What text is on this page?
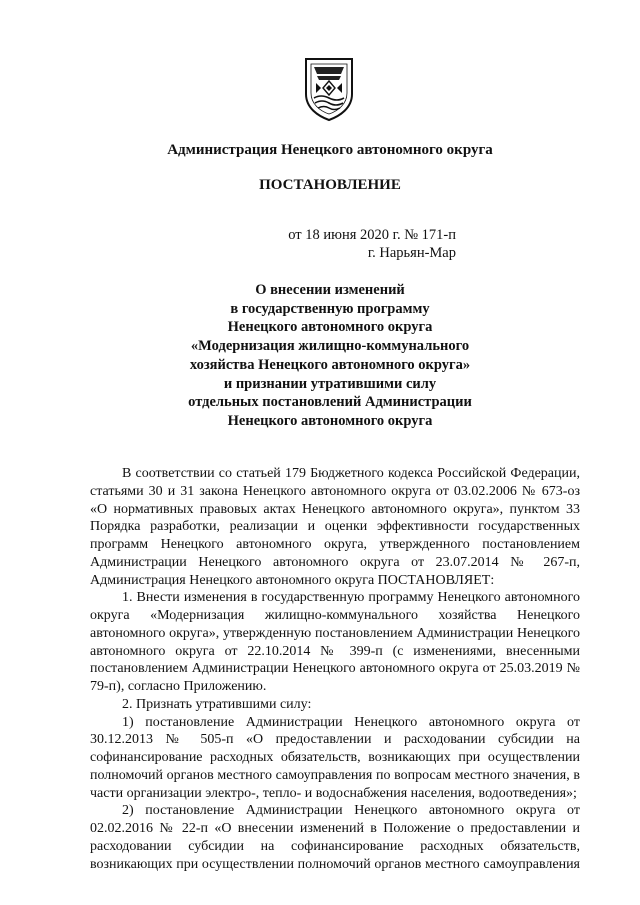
Администрация Ненецкого автономного округа
ПОСТАНОВЛЕНИЕ
от 18 июня 2020 г. № 171-п
г. Нарьян-Мар
О внесении изменений
в государственную программу
Ненецкого автономного округа
«Модернизация жилищно-коммунального
хозяйства Ненецкого автономного округа»
и признании утратившими силу
отдельных постановлений Администрации
Ненецкого автономного округа
В соответствии со статьей 179 Бюджетного кодекса Российской Федерации, статьями 30 и 31 закона Ненецкого автономного округа от 03.02.2006 № 673-оз «О нормативных правовых актах Ненецкого автономного округа», пунктом 33 Порядка разработки, реализации и оценки эффективности государственных программ Ненецкого автономного округа, утвержденного постановлением Администрации Ненецкого автономного округа от 23.07.2014 № 267-п, Администрация Ненецкого автономного округа ПОСТАНОВЛЯЕТ:
1. Внести изменения в государственную программу Ненецкого автономного округа «Модернизация жилищно-коммунального хозяйства Ненецкого автономного округа», утвержденную постановлением Администрации Ненецкого автономного округа от 22.10.2014 № 399-п (с изменениями, внесенными постановлением Администрации Ненецкого автономного округа от 25.03.2019 № 79-п), согласно Приложению.
2. Признать утратившими силу:
1) постановление Администрации Ненецкого автономного округа от 30.12.2013 № 505-п «О предоставлении и расходовании субсидии на софинансирование расходных обязательств, возникающих при осуществлении полномочий органов местного самоуправления по вопросам местного значения, в части организации электро-, тепло- и водоснабжения населения, водоотведения»;
2) постановление Администрации Ненецкого автономного округа от 02.02.2016 № 22-п «О внесении изменений в Положение о предоставлении и расходовании субсидии на софинансирование расходных обязательств, возникающих при осуществлении полномочий органов местного самоуправления
